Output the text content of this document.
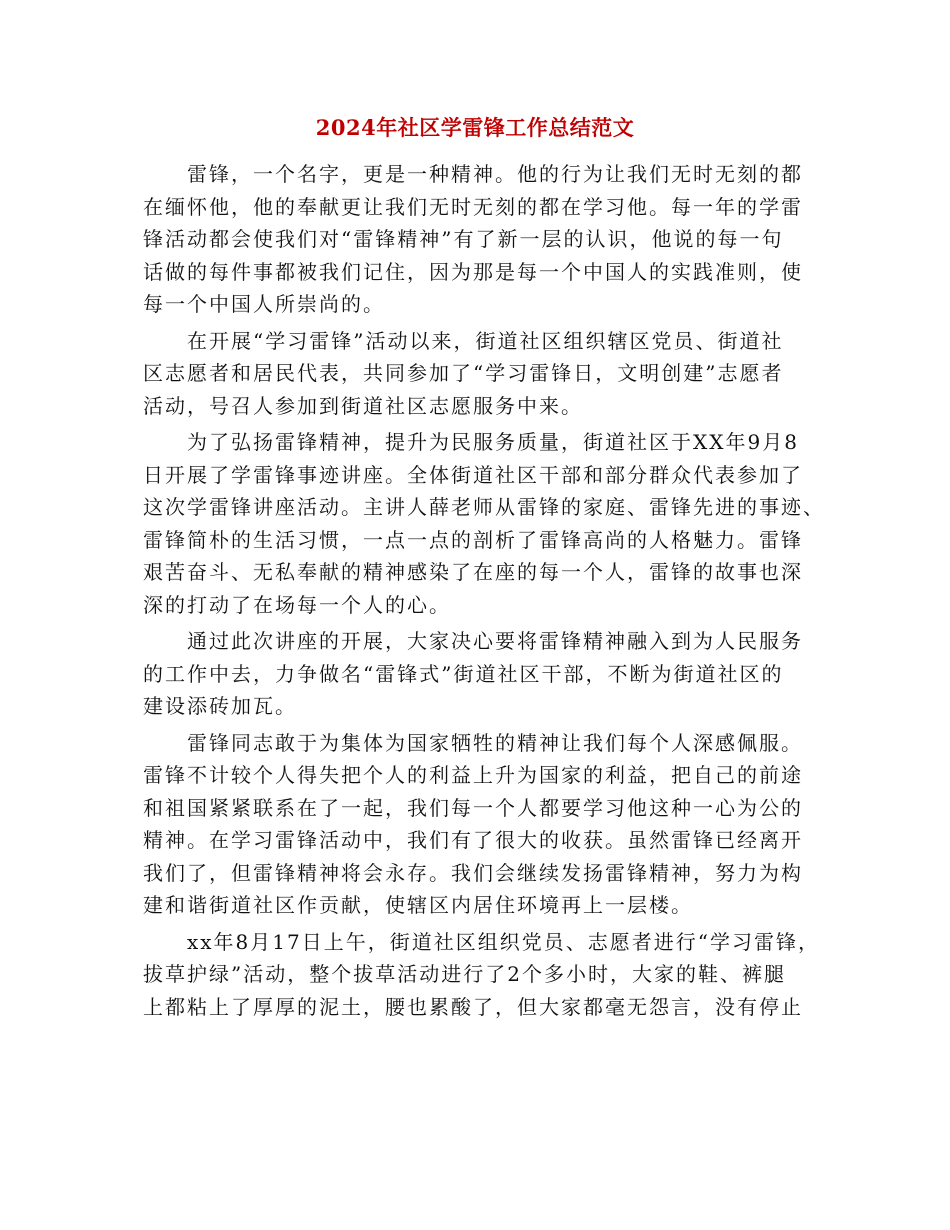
2024年社区学雷锋工作总结范文

雷锋，一个名字，更是一种精神。他的行为让我们无时无刻的都
在缅怀他，他的奉献更让我们无时无刻的都在学习他。每一年的学雷
锋活动都会使我们对“雷锋精神”有了新一层的认识，他说的每一句
话做的每件事都被我们记住，因为那是每一个中国人的实践准则，使
每一个中国人所崇尚的。

在开展“学习雷锋”活动以来，街道社区组织辖区党员、街道社
区志愿者和居民代表，共同参加了“学习雷锋日，文明创建”志愿者
活动，号召人参加到街道社区志愿服务中来。

为了弘扬雷锋精神，提升为民服务质量，街道社区于XX年9月8
日开展了学雷锋事迹讲座。全体街道社区干部和部分群众代表参加了
这次学雷锋讲座活动。主讲人薛老师从雷锋的家庭、雷锋先进的事迹、
雷锋简朴的生活习惯，一点一点的剖析了雷锋高尚的人格魅力。雷锋
艰苦奋斗、无私奉献的精神感染了在座的每一个人，雷锋的故事也深
深的打动了在场每一个人的心。

通过此次讲座的开展，大家决心要将雷锋精神融入到为人民服务
的工作中去，力争做名“雷锋式”街道社区干部，不断为街道社区的
建设添砖加瓦。

雷锋同志敢于为集体为国家牺牲的精神让我们每个人深感佩服。
雷锋不计较个人得失把个人的利益上升为国家的利益，把自己的前途
和祖国紧紧联系在了一起，我们每一个人都要学习他这种一心为公的
精神。在学习雷锋活动中，我们有了很大的收获。虽然雷锋已经离开
我们了，但雷锋精神将会永存。我们会继续发扬雷锋精神，努力为构
建和谐街道社区作贡献，使辖区内居住环境再上一层楼。

xx年8月17日上午，街道社区组织党员、志愿者进行“学习雷锋，
拔草护绿”活动，整个拔草活动进行了2个多小时，大家的鞋、裤腿
上都粘上了厚厚的泥土，腰也累酸了，但大家都毫无怨言，没有停止
